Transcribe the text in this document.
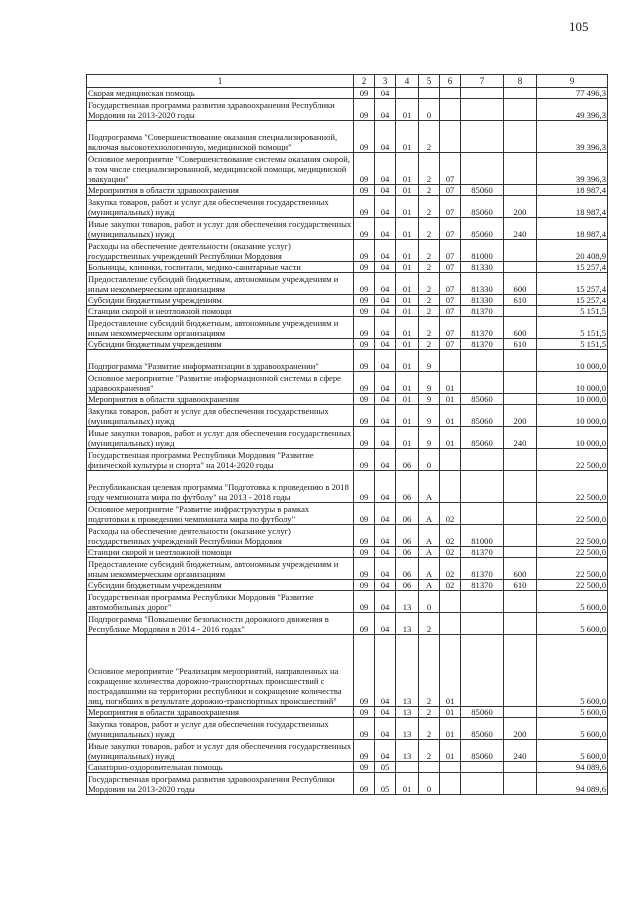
105
1	2	3	4	5	6	7	8	9
Скорая медицинская помощь	09	04						77 496,3
Государственная программа развития здравоохранения Республики Мордовия на 2013-2020 годы	09	04	01	0				49 396,3
Подпрограмма "Совершенствование оказания специализированной, включая высокотехнологичную, медицинской помощи"	09	04	01	2				39 396,3
Основное мероприятие "Совершенствование системы оказания скорой, в том числе специализированной, медицинской помощи, медицинской эвакуации"	09	04	01	2	07			39 396,3
Мероприятия в области здравоохранения	09	04	01	2	07	85060		18 987,4
Закупка товаров, работ и услуг для обеспечения государственных (муниципальных) нужд	09	04	01	2	07	85060	200	18 987,4
Иные закупки товаров, работ и услуг для обеспечения государственных (муниципальных) нужд	09	04	01	2	07	85060	240	18 987,4
Расходы на обеспечение деятельности (оказание услуг) государственных учреждений Республики Мордовия	09	04	01	2	07	81000		20 408,9
Больницы, клиники, госпитали, медико-санитарные части	09	04	01	2	07	81330		15 257,4
Предоставление субсидий бюджетным, автономным учреждениям и иным некоммерческим организациям	09	04	01	2	07	81330	600	15 257,4
Субсидии бюджетным учреждениям	09	04	01	2	07	81330	610	15 257,4
Станции скорой и неотложной помощи	09	04	01	2	07	81370		5 151,5
Предоставление субсидий бюджетным, автономным учреждениям и иным некоммерческим организациям	09	04	01	2	07	81370	600	5 151,5
Субсидии бюджетным учреждениям	09	04	01	2	07	81370	610	5 151,5
Подпрограмма "Развитие информатизации в здравоохранении"	09	04	01	9				10 000,0
Основное мероприятие "Развитие информационной системы в сфере здравоохранения"	09	04	01	9	01			10 000,0
Мероприятия в области здравоохранения	09	04	01	9	01	85060		10 000,0
Закупка товаров, работ и услуг для обеспечения государственных (муниципальных) нужд	09	04	01	9	01	85060	200	10 000,0
Иные закупки товаров, работ и услуг для обеспечения государственных (муниципальных) нужд	09	04	01	9	01	85060	240	10 000,0
Государственная программа Республики Мордовия "Развитие физической культуры и спорта" на 2014-2020 годы	09	04	06	0				22 500,0
Республиканская целевая программа "Подготовка к проведению в 2018 году чемпионата мира по футболу" на 2013 - 2018 годы	09	04	06	А				22 500,0
Основное мероприятие "Развитие инфраструктуры в рамках подготовки к проведению чемпионата мира по футболу"	09	04	06	А	02			22 500,0
Расходы на обеспечение деятельности (оказание услуг) государственных учреждений Республики Мордовия	09	04	06	А	02	81000		22 500,0
Станции скорой и неотложной помощи	09	04	06	А	02	81370		22 500,0
Предоставление субсидий бюджетным, автономным учреждениям и иным некоммерческим организациям	09	04	06	А	02	81370	600	22 500,0
Субсидии бюджетным учреждениям	09	04	06	А	02	81370	610	22 500,0
Государственная программа Республики Мордовия "Развитие автомобильных дорог"	09	04	13	0				5 600,0
Подпрограмма "Повышение безопасности дорожного движения в Республике Мордовия в 2014 - 2016 годах"	09	04	13	2				5 600,0
Основное мероприятие "Реализация мероприятий, направленных на сокращение количества дорожно-транспортных происшествий с пострадавшими на территории республики и сокращение количества лиц, погибших в результате дорожно-транспортных происшествий"	09	04	13	2	01			5 600,0
Мероприятия в области здравоохранения	09	04	13	2	01	85060		5 600,0
Закупка товаров, работ и услуг для обеспечения государственных (муниципальных) нужд	09	04	13	2	01	85060	200	5 600,0
Иные закупки товаров, работ и услуг для обеспечения государственных (муниципальных) нужд	09	04	13	2	01	85060	240	5 600,0
Санаторно-оздоровительная помощь	09	05						94 089,6
Государственная программа развития здравоохранения Республики Мордовия на 2013-2020 годы	09	05	01	0				94 089,6
